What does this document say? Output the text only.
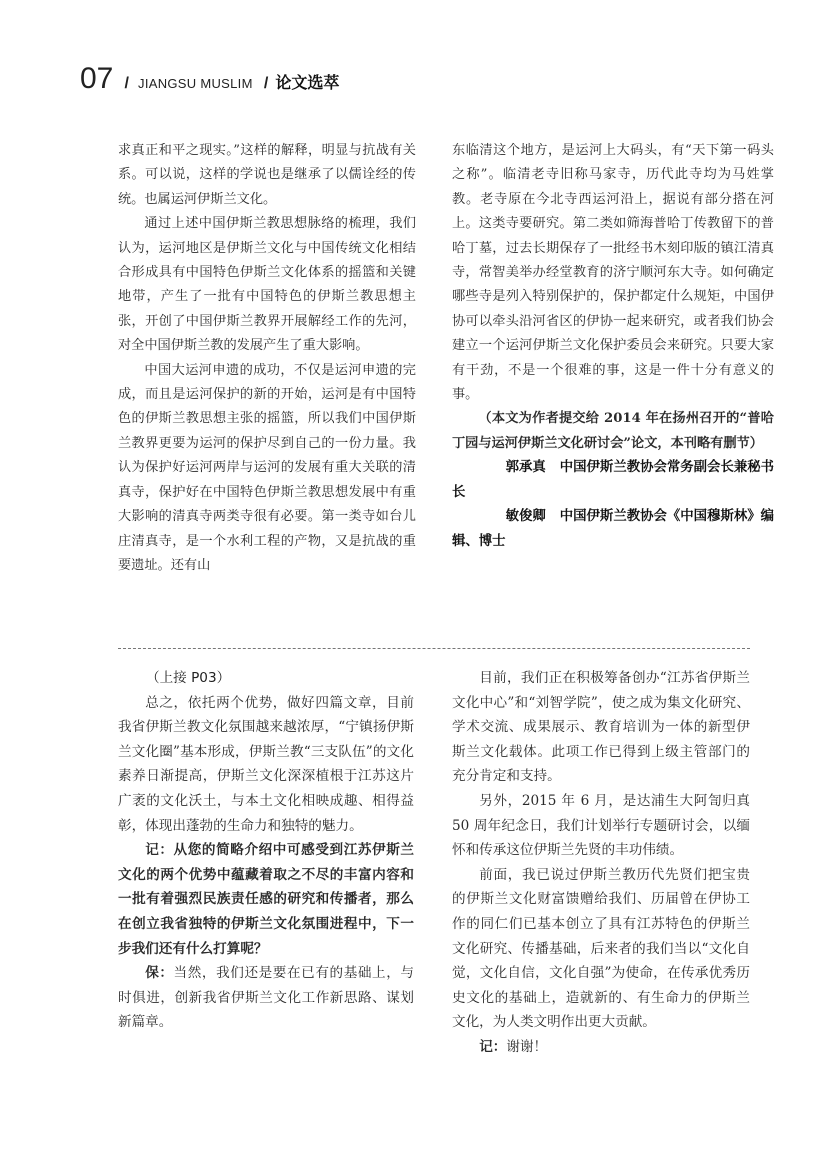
07 / JIANGSU MUSLIM / 论文选萃

求真正和平之现实。”这样的解释，明显与抗战有关系。可以说，这样的学说也是继承了以儒诠经的传统。也属运河伊斯兰文化。

通过上述中国伊斯兰教思想脉络的梳理，我们认为，运河地区是伊斯兰文化与中国传统文化相结合形成具有中国特色伊斯兰文化体系的摇篮和关键地带，产生了一批有中国特色的伊斯兰教思想主张，开创了中国伊斯兰教界开展解经工作的先河，对全中国伊斯兰教的发展产生了重大影响。

中国大运河申遗的成功，不仅是运河申遗的完成，而且是运河保护的新的开始，运河是有中国特色的伊斯兰教思想主张的摇篮，所以我们中国伊斯兰教界更要为运河的保护尽到自己的一份力量。我认为保护好运河两岸与运河的发展有重大关联的清真寺，保护好在中国特色伊斯兰教思想发展中有重大影响的清真寺两类寺很有必要。第一类寺如台儿庄清真寺，是一个水利工程的产物，又是抗战的重要遗址。还有山

东临清这个地方，是运河上大码头，有“天下第一码头之称”。临清老寺旧称马家寺，历代此寺均为马姓掌教。老寺原在今北寺西运河沿上，据说有部分搭在河上。这类寺要研究。第二类如筛海普哈丁传教留下的普哈丁墓，过去长期保存了一批经书木刻印版的镇江清真寺，常智美举办经堂教育的济宁顺河东大寺。如何确定哪些寺是列入特别保护的，保护都定什么规矩，中国伊协可以牵头沿河省区的伊协一起来研究，或者我们协会建立一个运河伊斯兰文化保护委员会来研究。只要大家有干劲，不是一个很难的事，这是一件十分有意义的事。

（本文为作者提交给 2014 年在扬州召开的“普哈丁园与运河伊斯兰文化研讨会”论文，本刊略有删节）

郭承真 中国伊斯兰教协会常务副会长兼秘书长

敏俊卿 中国伊斯兰教协会《中国穆斯林》编辑、博士

（上接 P03）

总之，依托两个优势，做好四篇文章，目前我省伊斯兰教文化氛围越来越浓厚，“宁镇扬伊斯兰文化圈”基本形成，伊斯兰教“三支队伍”的文化素养日渐提高，伊斯兰文化深深植根于江苏这片广袤的文化沃土，与本土文化相映成趣、相得益彰，体现出蓬勃的生命力和独特的魅力。

记：从您的简略介绍中可感受到江苏伊斯兰文化的两个优势中蕴藏着取之不尽的丰富内容和一批有着强烈民族责任感的研究和传播者，那么在创立我省独特的伊斯兰文化氛围进程中，下一步我们还有什么打算呢？

保：当然，我们还是要在已有的基础上，与时俱进，创新我省伊斯兰文化工作新思路、谋划新篇章。

目前，我们正在积极筹备创办“江苏省伊斯兰文化中心”和“刘智学院”，使之成为集文化研究、学术交流、成果展示、教育培训为一体的新型伊斯兰文化载体。此项工作已得到上级主管部门的充分肯定和支持。

另外，2015 年 6 月，是达浦生大阿訇归真 50 周年纪念日，我们计划举行专题研讨会，以缅怀和传承这位伊斯兰先贤的丰功伟绩。

前面，我已说过伊斯兰教历代先贤们把宝贵的伊斯兰文化财富馈赠给我们、历届曾在伊协工作的同仁们已基本创立了具有江苏特色的伊斯兰文化研究、传播基础，后来者的我们当以“文化自觉，文化自信，文化自强”为使命，在传承优秀历史文化的基础上，造就新的、有生命力的伊斯兰文化，为人类文明作出更大贡献。

记：谢谢！
